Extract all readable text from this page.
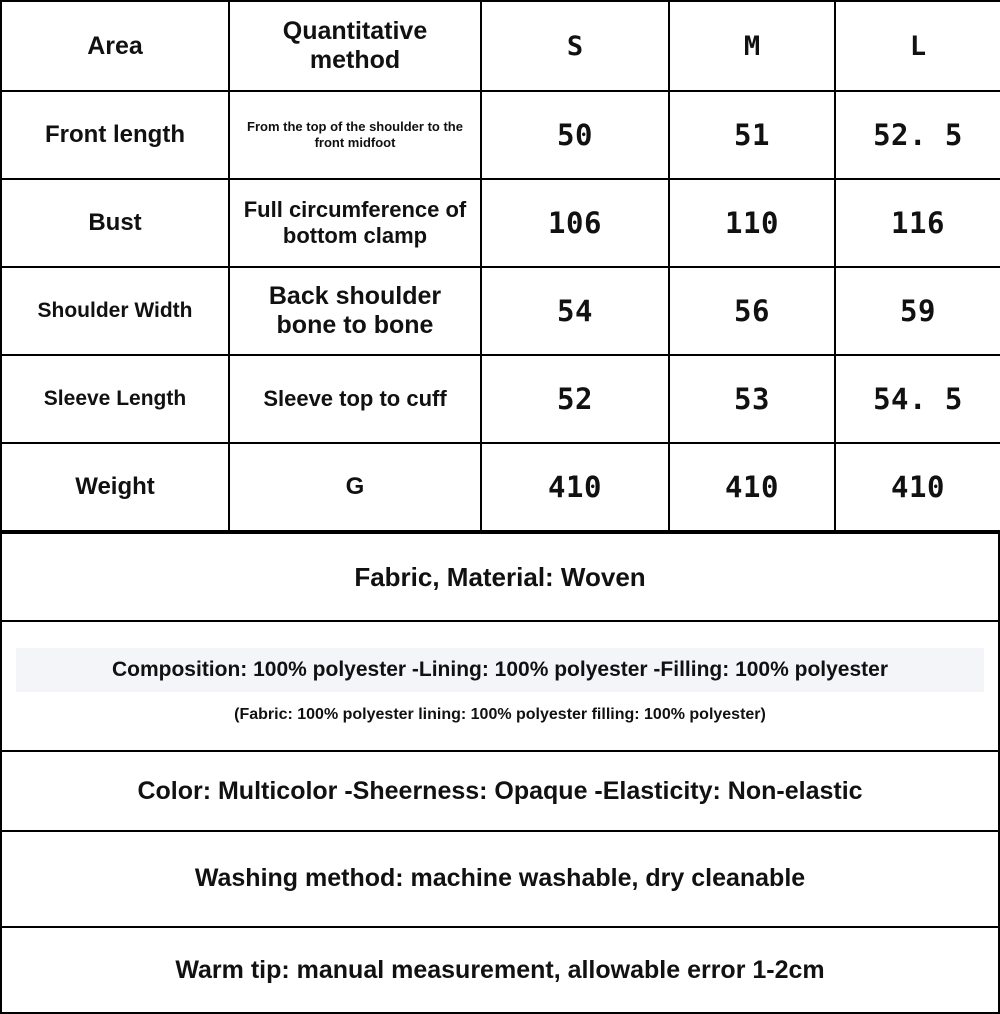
Area	Quantitative method	S	M	L
Front length	From the top of the shoulder to the front midfoot	50	51	52. 5
Bust	Full circumference of bottom clamp	106	110	116
Shoulder Width	Back shoulder bone to bone	54	56	59
Sleeve Length	Sleeve top to cuff	52	53	54. 5
Weight	G	410	410	410
Fabric, Material: Woven

Composition: 100% polyester -Lining: 100% polyester -Filling: 100% polyester
(Fabric: 100% polyester lining: 100% polyester filling: 100% polyester)

Color: Multicolor -Sheerness: Opaque -Elasticity: Non-elastic

Washing method: machine washable, dry cleanable

Warm tip: manual measurement, allowable error 1-2cm
